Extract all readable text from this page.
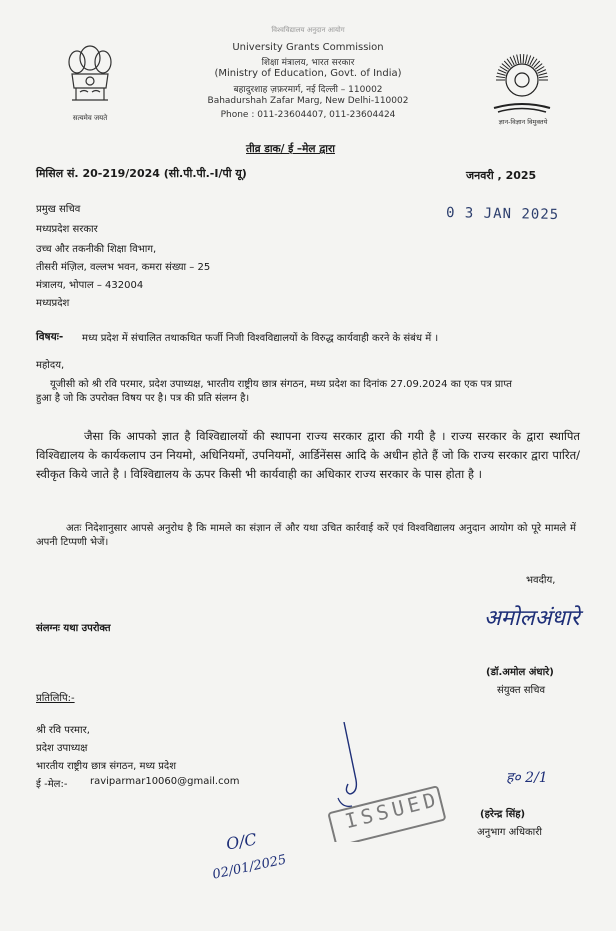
विश्वविद्यालय अनुदान आयोग
University Grants Commission
शिक्षा मंत्रालय, भारत सरकार
(Ministry of Education, Govt. of India)
बहादुरशाह ज़फ़रमार्ग, नई दिल्ली – 110002
Bahadurshah Zafar Marg, New Delhi-110002
Phone : 011-23604407, 011-23604424
सत्यमेव जयते	ज्ञान-विज्ञान विमुक्तये
तीव्र डाक/ ई –मेल द्वारा
मिसिल सं. 20-219/2024 (सी.पी.पी.-I/पी यू)	जनवरी , 2025
0 3 JAN 2025
प्रमुख सचिव
मध्यप्रदेश सरकार
उच्च और तकनीकी शिक्षा विभाग,
तीसरी मंज़िल, वल्लभ भवन, कमरा संख्या – 25
मंत्रालय, भोपाल – 432004
मध्यप्रदेश
विषयः- मध्य प्रदेश में संचालित तथाकथित फर्जी निजी विश्वविद्यालयों के विरुद्ध कार्यवाही करने के संबंध में ।
महोदय,
यूजीसी को श्री रवि परमार, प्रदेश उपाध्यक्ष, भारतीय राष्ट्रीय छात्र संगठन, मध्य प्रदेश का दिनांक 27.09.2024 का एक पत्र प्राप्त हुआ है जो कि उपरोक्त विषय पर है। पत्र की प्रति संलग्न है।
जैसा कि आपको ज्ञात है विश्विद्यालयों की स्थापना राज्य सरकार द्वारा की गयी है । राज्य सरकार के द्वारा स्थापित विश्विद्यालय के कार्यकलाप उन नियमो, अधिनियमों, उपनियमों, आर्डिनेंसस आदि के अधीन होते हैं जो कि राज्य सरकार द्वारा पारित/स्वीकृत किये जाते है । विश्विद्यालय के ऊपर किसी भी कार्यवाही का अधिकार राज्य सरकार के पास होता है ।
अतः निदेशानुसार आपसे अनुरोध है कि मामले का संज्ञान लें और यथा उचित कार्रवाई करें एवं विश्वविद्यालय अनुदान आयोग को पूरे मामले में अपनी टिप्पणी भेजें।
भवदीय,
संलग्नः यथा उपरोक्त	अमोलअंधारे
(डॉ.अमोल अंधारे)
संयुक्त सचिव
प्रतिलिपि:-
श्री रवि परमार,
प्रदेश उपाध्यक्ष
भारतीय राष्ट्रीय छात्र संगठन, मध्य प्रदेश
ई -मेल:- raviparmar10060@gmail.com
ISSUED
ह० 2/1
(हरेन्द्र सिंह)
अनुभाग अधिकारी
O/C
02/01/2025
